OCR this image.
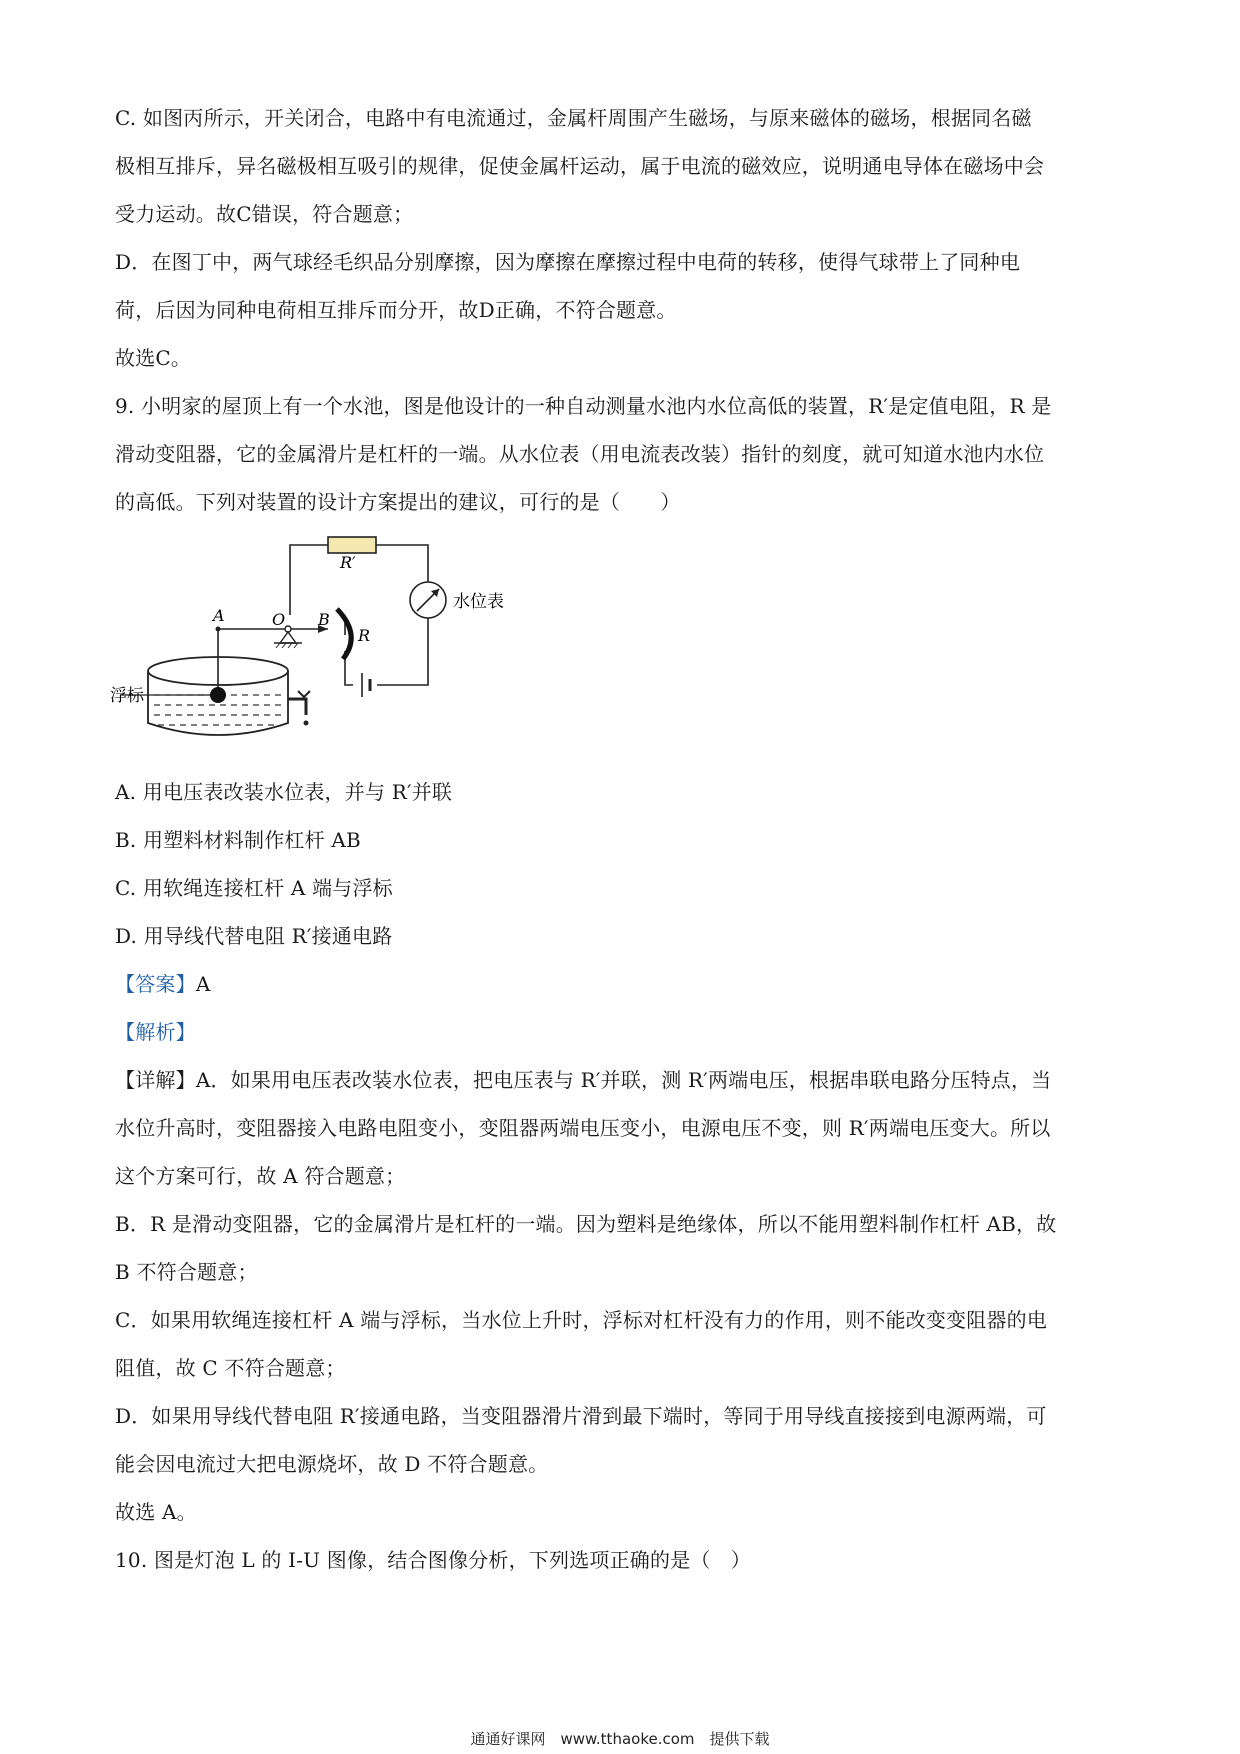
C. 如图丙所示，开关闭合，电路中有电流通过，金属杆周围产生磁场，与原来磁体的磁场，根据同名磁

极相互排斥，异名磁极相互吸引的规律，促使金属杆运动，属于电流的磁效应，说明通电导体在磁场中会

受力运动。故C错误，符合题意；

D．在图丁中，两气球经毛织品分别摩擦，因为摩擦在摩擦过程中电荷的转移，使得气球带上了同种电

荷，后因为同种电荷相互排斥而分开，故D正确，不符合题意。

故选C。

9. 小明家的屋顶上有一个水池，图是他设计的一种自动测量水池内水位高低的装置，R′是定值电阻，R 是

滑动变阻器，它的金属滑片是杠杆的一端。从水位表（用电流表改装）指针的刻度，就可知道水池内水位

的高低。下列对装置的设计方案提出的建议，可行的是（　　）

R′
水位表
A	O B
R
浮标

A. 用电压表改装水位表，并与 R′并联

B. 用塑料材料制作杠杆 AB

C. 用软绳连接杠杆 A 端与浮标

D. 用导线代替电阻 R′接通电路

【答案】A

【解析】

【详解】A．如果用电压表改装水位表，把电压表与 R′并联，测 R′两端电压，根据串联电路分压特点，当

水位升高时，变阻器接入电路电阻变小，变阻器两端电压变小，电源电压不变，则 R′两端电压变大。所以

这个方案可行，故 A 符合题意；

B．R 是滑动变阻器，它的金属滑片是杠杆的一端。因为塑料是绝缘体，所以不能用塑料制作杠杆 AB，故

B 不符合题意；

C．如果用软绳连接杠杆 A 端与浮标，当水位上升时，浮标对杠杆没有力的作用，则不能改变变阻器的电

阻值，故 C 不符合题意；

D．如果用导线代替电阻 R′接通电路，当变阻器滑片滑到最下端时，等同于用导线直接接到电源两端，可

能会因电流过大把电源烧坏，故 D 不符合题意。

故选 A。

10. 图是灯泡 L 的 I-U 图像，结合图像分析，下列选项正确的是（　）

通通好课网　www.tthaoke.com　提供下载
